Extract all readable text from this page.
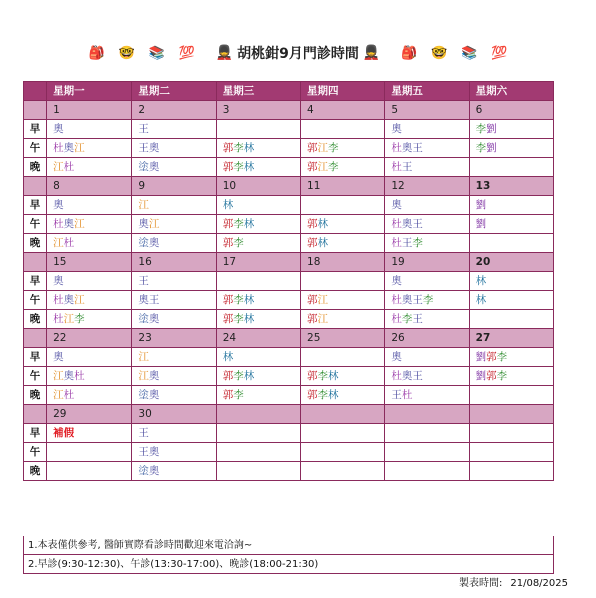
🎒 🤓 📚 💯	💂 胡桃鉗9月門診時間 💂	🎒 🤓 📚 💯
	星期一	星期二	星期三	星期四	星期五	星期六
	1	2	3	4	5	6
早	奧	王			奧	李劉
午	杜奧江	王奧	郭李林	郭江李	杜奧王	李劉
晚	江杜	塗奧	郭李林	郭江李	杜王	
	8	9	10	11	12	13
早	奧	江	林		奧	劉
午	杜奧江	奧江	郭李林	郭林	杜奧王	劉
晚	江杜	塗奧	郭李	郭林	杜王李	
	15	16	17	18	19	20
早	奧	王			奧	林
午	杜奧江	奧王	郭李林	郭江	杜奧王李	林
晚	杜江李	塗奧	郭李林	郭江	杜李王	
	22	23	24	25	26	27
早	奧	江	林		奧	劉郭李
午	江奧杜	江奧	郭李林	郭李林	杜奧王	劉郭李
晚	江杜	塗奧	郭李	郭李林	王杜	
	29	30				
早	補假	王				
午		王奧				
晚		塗奧				
1.本表僅供參考, 醫師實際看診時間歡迎來電洽詢~
2.早診(9:30-12:30)、午診(13:30-17:00)、晚診(18:00-21:30)
製表時間: 21/08/2025
